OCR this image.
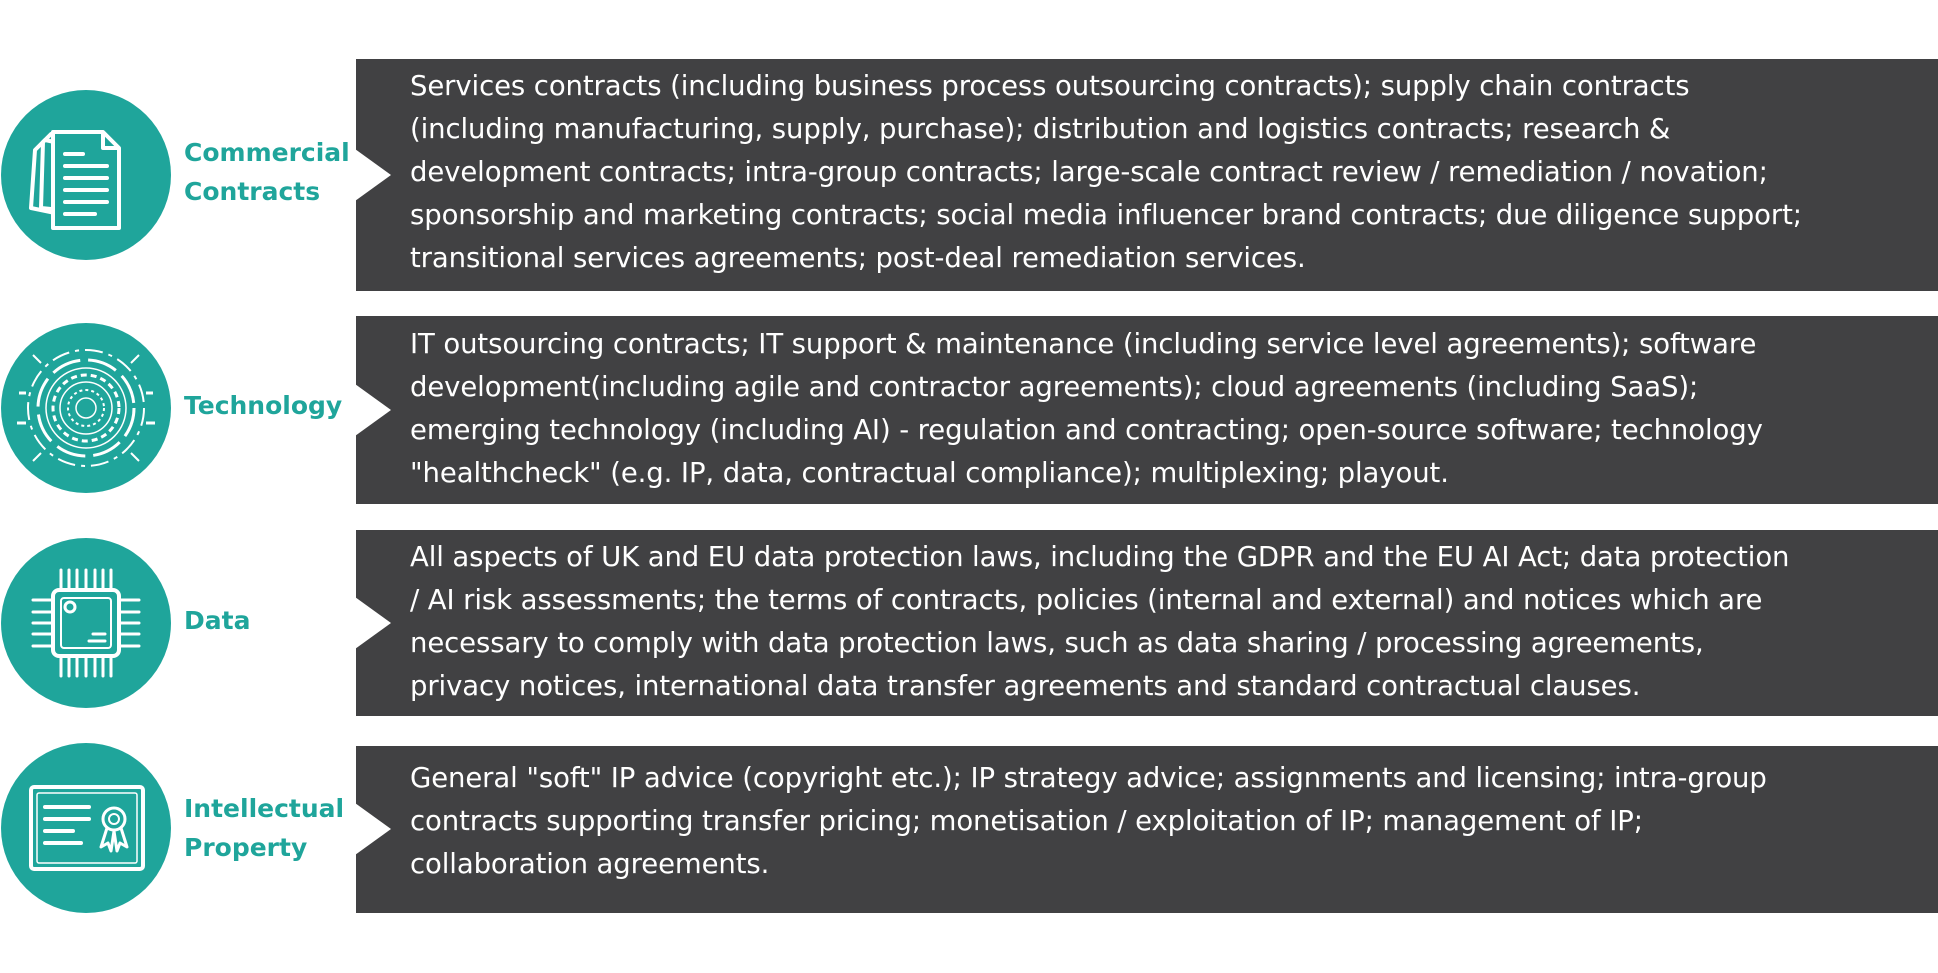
Commercial
Contracts
Services contracts (including business process outsourcing contracts); supply chain contracts
(including manufacturing, supply, purchase); distribution and logistics contracts; research &
development contracts; intra-group contracts; large-scale contract review / remediation / novation;
sponsorship and marketing contracts; social media influencer brand contracts; due diligence support;
transitional services agreements; post-deal remediation services.
Technology
IT outsourcing contracts; IT support & maintenance (including service level agreements); software
development(including agile and contractor agreements); cloud agreements (including SaaS);
emerging technology (including AI) - regulation and contracting; open-source software; technology
"healthcheck" (e.g. IP, data, contractual compliance); multiplexing; playout.
Data
All aspects of UK and EU data protection laws, including the GDPR and the EU AI Act; data protection
/ AI risk assessments; the terms of contracts, policies (internal and external) and notices which are
necessary to comply with data protection laws, such as data sharing / processing agreements,
privacy notices, international data transfer agreements and standard contractual clauses.
Intellectual
Property
General "soft" IP advice (copyright etc.); IP strategy advice; assignments and licensing; intra-group
contracts supporting transfer pricing; monetisation / exploitation of IP; management of IP;
collaboration agreements.
